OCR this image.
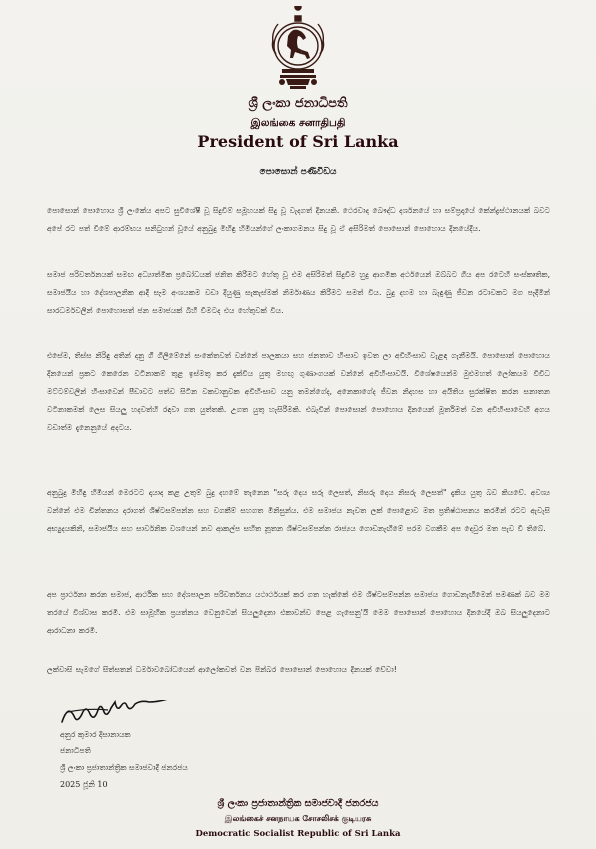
ශ්‍රී ලංකා ජනාධිපති
இலங்கை சனாதிபதி
President of Sri Lanka
පොසොන් පණිවිඩය

පොසොන් පොහොය ශ්‍රී ලංකේය අපට සුවිශේෂී වූ සිදුවීම් සමූහයක් සිදු වූ වැදගත් දිනයකි. ථෙරවාද බෞද්ධ දර්ශනයේ හා සම්ප්‍රදායේ කේන්ද්‍රස්ථානයක් බවට අපේ රට පත් වීමේ ආරම්භය සනිටුහන් වූයේ අනුබුදු මිහිඳු හිමියන්ගේ ලංකාගමනය සිදු වූ ඒ අසිරිමත් පොසොන් පොහොය දිනයේදීය.

සමාජ පරිවර්තනයක් සමඟ අධ්‍යාත්මික ප්‍රබෝධයක් ජනිත කිරීමට හේතු වූ එම අසිරිමත් සිදුවීම හුදු ආගමික අර්ථයෙන් ඔබ්බට ගිය අප රටෙහි සංස්කෘතික, සමාජයීය හා දේශපාලනික ආදී සෑම අංශයකම වඩා දියුණු සැකැස්මක් නිර්මාණය කිරීමට සමත් විය. බුදු දහම හා බැඳුණු ජීවන රටාවකට මග පෑදීමින් සාරධර්මවලින් පොහොසත් ජන සමාජයක් බිහි වීමටද එය හේතුවක් විය.

එසේම, තිස්ස නිරිඳු අතින් දනු ගී ගිලිමේනේ සංකේතවත් වන්නේ පාලකයා සහ ජනතාව හිංසාව ඉවත ලා අවිහිංසාව වැළඳ ගැනීමයි. පොසොන් පොහොය දිනයෙන් ප්‍රකට කෙරෙන වටිනාකම් තුළ ඉස්මතු කර දැක්විය යුතු මහඟු ගුණාංගයක් වන්නේ අවිහිංසාවයි. විශේෂයෙන්ම මුළුමහත් ලෝකයම විවිධ මට්ටම්වලින් හිංසාවෙන් පීඩාවට පත්ව සිටින වකවානුවක අවිහිංසාව යනු තමන්ගේද, අනෙකාගේද ජීවන නිදහස හා අයිතිය සුරක්ෂිත කරන සනාතන වටිනාකමක් ලෙස සියලු හදවත්හි රඳවා ගත යුත්තකි. උගත යුතු හැසිරීමකි. එබැවින් පොසොන් පොහොය දිනයෙන් මූර්තිමත් වන අවිහිංසාවෙහි අගය වඩාත්ම දැනෙනුයේ අදටය.

අනුබුදු මිහිඳු හිමියන් මෙරටට දායාද කළ උතුම් බුදු දහමේ තැනෙන "සරු දෙය සරු ලෙසත්, නිසරු දෙය නිසරු ලෙසත්" දැකිය යුතු බව කියවේ. අවශ්‍ය වන්නේ එම චින්තනය දරාගත් ශිෂ්ටසම්පන්න සහ වගකීම් සහගත මිනිසුන්ය. එම සමාජය නැවත ලක් පොළොව මත ප්‍රතිෂ්ඨාපනය කරමින් රටට ඇවැසි අභ්‍යුදයකිනි, සමාජයීය සහ සාර්වනික වශයෙන් නව ආකල්ප සහිත නූතන ශිෂ්ටසම්පන්න රාජ්‍යය ගොඩනැඟීමේ පරම වගකීම අප දෙවුර මත පැව වී තිබේ.

අප ප්‍රාර්ථනා කරන සමාජ, ආර්ථික සහ දේශපාලන පරිවර්තනය යථාර්ථයක් කර ගත හැක්කේ එම ශිෂ්ටසම්පන්න සමාජය ගොඩනැඟීමෙන් පමණක් බව මම තරයේ විශ්වාස කරමි. එම සාමූහික ප්‍රයත්නය වෙනුවෙන් සියලුදෙනා එකාවන්ව පෙළ ගැසෙනු'යි මෙම පොසොන් පොහොය දිනයේදී ඔබ සියලුදෙනාට ආරාධනා කරමි.

ලක්වාසි සැමගේ සිත්සතන් ධර්මාවබෝධයෙන් ආලෝකවත් වන පින්බර පොසොන් පොහොය දිනයක් වේවා!

අනුර කුමාර දිසානායක
ජනාධිපති
ශ්‍රී ලංකා ප්‍රජාතාන්ත්‍රික සමාජවාදී ජනරජය
2025 ජූනි 10
ශ්‍රී ලංකා ප්‍රජාතාන්ත්‍රික සමාජවාදී ජනරජය
இலங்கைச் சனநாயக சோசலிசக் குடியரசு
Democratic Socialist Republic of Sri Lanka
